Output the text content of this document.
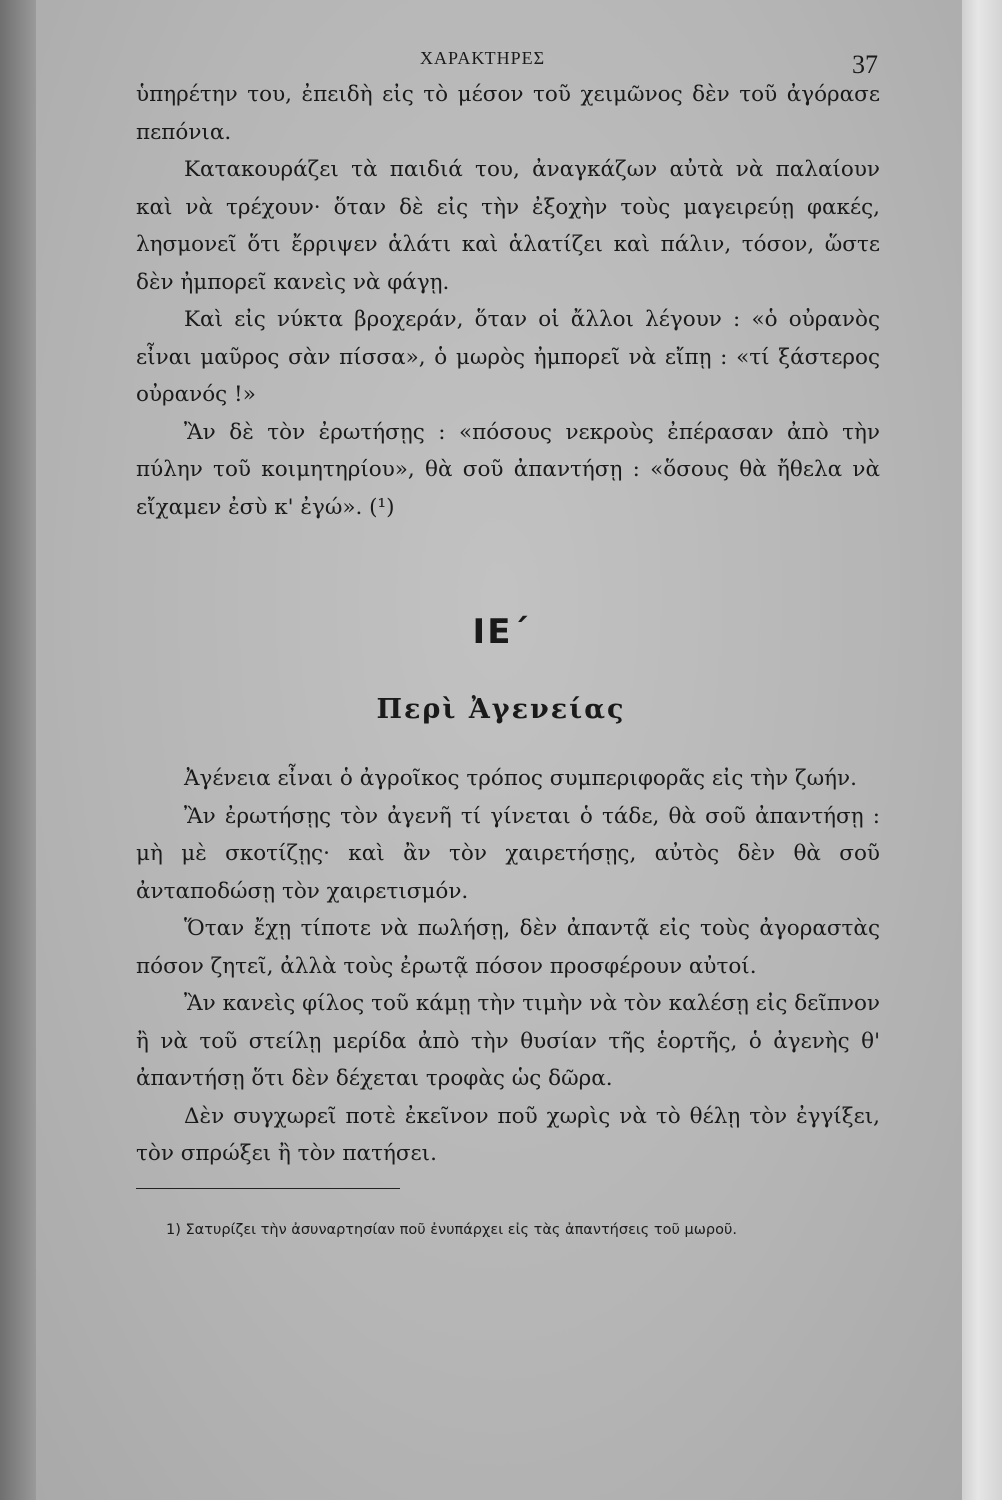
ΧΑΡΑΚΤΗΡΕΣ	37

ὑπηρέτην του, ἐπειδὴ εἰς τὸ μέσον τοῦ χειμῶνος δὲν τοῦ ἀγόρασε πεπόνια.

Κατακουράζει τὰ παιδιά του, ἀναγκάζων αὐτὰ νὰ παλαίουν καὶ νὰ τρέχουν· ὅταν δὲ εἰς τὴν ἐξοχὴν τοὺς μαγειρεύῃ φακές, λησμονεῖ ὅτι ἔρριψεν ἁλάτι καὶ ἁλατίζει καὶ πάλιν, τόσον, ὥστε δὲν ἠμπορεῖ κανεὶς νὰ φάγῃ.

Καὶ εἰς νύκτα βροχεράν, ὅταν οἱ ἄλλοι λέγουν : «ὁ οὐρανὸς εἶναι μαῦρος σὰν πίσσα», ὁ μωρὸς ἠμπορεῖ νὰ εἴπῃ : «τί ξάστερος οὐρανός !»

Ἂν δὲ τὸν ἐρωτήσῃς : «πόσους νεκροὺς ἐπέρασαν ἀπὸ τὴν πύλην τοῦ κοιμητηρίου», θὰ σοῦ ἀπαντήσῃ : «ὅσους θὰ ἤθελα νὰ εἴχαμεν ἐσὺ κ' ἐγώ». (¹)

ΙΕ΄
Περὶ Ἀγενείας

Ἀγένεια εἶναι ὁ ἀγροῖκος τρόπος συμπεριφορᾶς εἰς τὴν ζωήν.

Ἂν ἐρωτήσῃς τὸν ἀγενῆ τί γίνεται ὁ τάδε, θὰ σοῦ ἀπαντήσῃ : μὴ μὲ σκοτίζῃς· καὶ ἂν τὸν χαιρετήσῃς, αὐτὸς δὲν θὰ σοῦ ἀνταποδώσῃ τὸν χαιρετισμόν.

Ὅταν ἔχῃ τίποτε νὰ πωλήσῃ, δὲν ἀπαντᾷ εἰς τοὺς ἀγοραστὰς πόσον ζητεῖ, ἀλλὰ τοὺς ἐρωτᾷ πόσον προσφέρουν αὐτοί.

Ἂν κανεὶς φίλος τοῦ κάμῃ τὴν τιμὴν νὰ τὸν καλέσῃ εἰς δεῖπνον ἢ νὰ τοῦ στείλῃ μερίδα ἀπὸ τὴν θυσίαν τῆς ἑορτῆς, ὁ ἀγενὴς θ' ἀπαντήσῃ ὅτι δὲν δέχεται τροφὰς ὡς δῶρα.

Δὲν συγχωρεῖ ποτὲ ἐκεῖνον ποῦ χωρὶς νὰ τὸ θέλῃ τὸν ἐγγίξει, τὸν σπρώξει ἢ τὸν πατήσει.

1) Σατυρίζει τὴν ἀσυναρτησίαν ποῦ ἐνυπάρχει εἰς τὰς ἀπαντήσεις τοῦ μωροῦ.
